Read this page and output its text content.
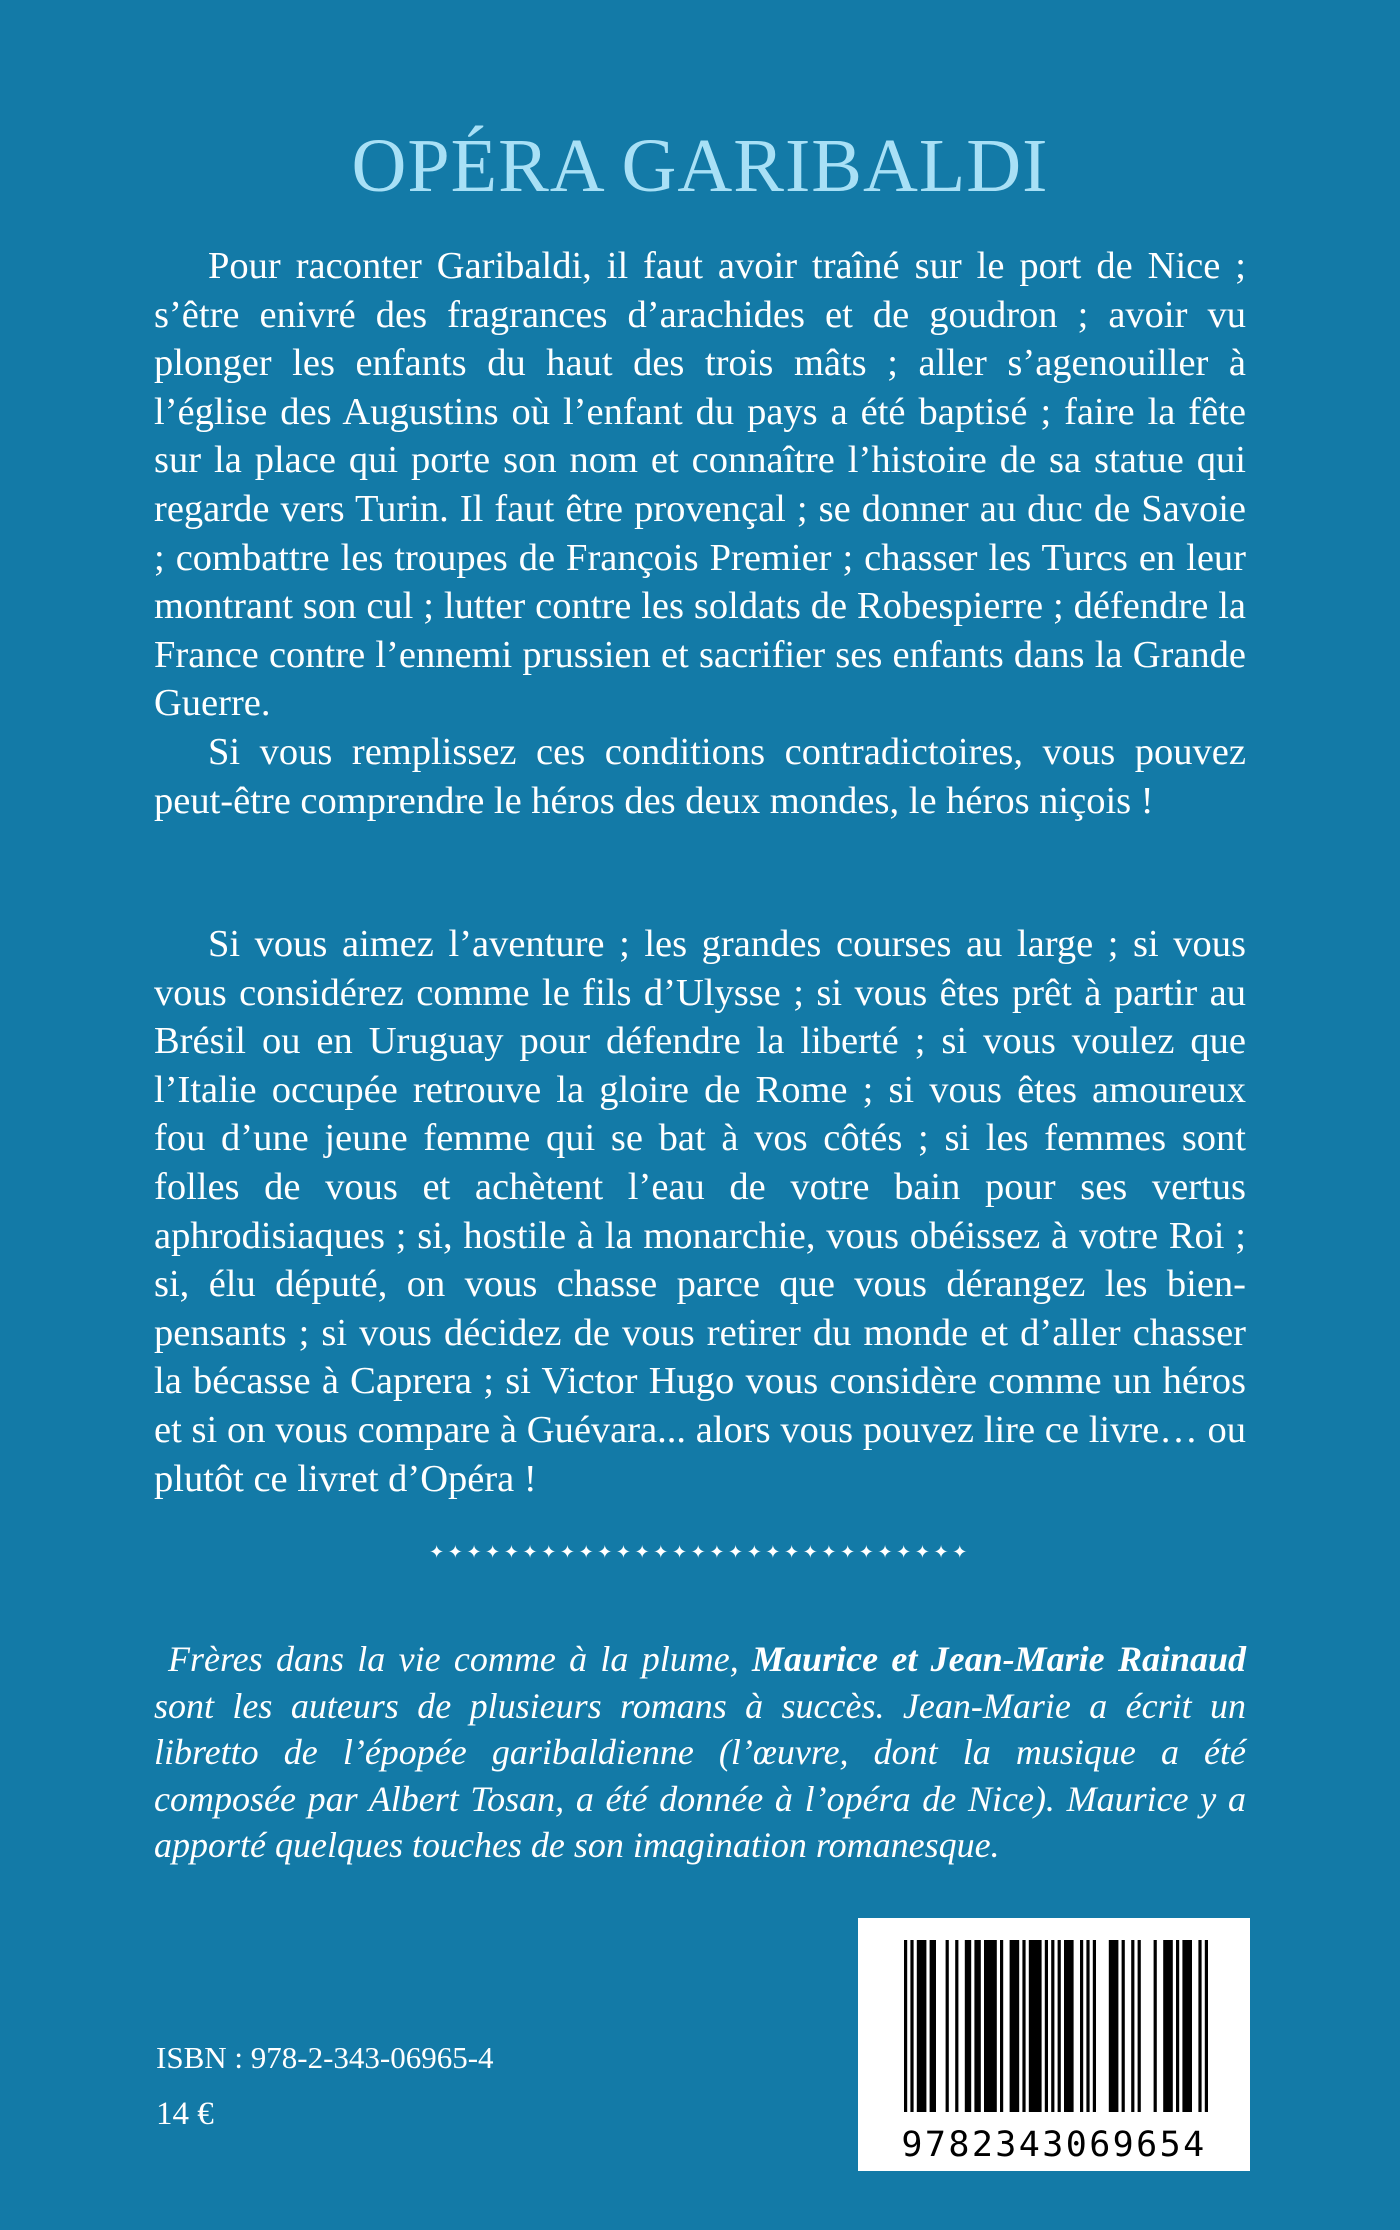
OPÉRA GARIBALDI

Pour raconter Garibaldi, il faut avoir traîné sur le port de Nice ; s’être enivré des fragrances d’arachides et de goudron ; avoir vu plonger les enfants du haut des trois mâts ; aller s’agenouiller à l’église des Augustins où l’enfant du pays a été baptisé ; faire la fête sur la place qui porte son nom et connaître l’histoire de sa statue qui regarde vers Turin. Il faut être provençal ; se donner au duc de Savoie ; combattre les troupes de François Premier ; chasser les Turcs en leur montrant son cul ; lutter contre les soldats de Robespierre ; défendre la France contre l’ennemi prussien et sacrifier ses enfants dans la Grande Guerre.

Si vous remplissez ces conditions contradictoires, vous pouvez peut-être comprendre le héros des deux mondes, le héros niçois !

Si vous aimez l’aventure ; les grandes courses au large ; si vous vous considérez comme le fils d’Ulysse ; si vous êtes prêt à partir au Brésil ou en Uruguay pour défendre la liberté ; si vous voulez que l’Italie occupée retrouve la gloire de Rome ; si vous êtes amoureux fou d’une jeune femme qui se bat à vos côtés ; si les femmes sont folles de vous et achètent l’eau de votre bain pour ses vertus aphrodisiaques ; si, hostile à la monarchie, vous obéissez à votre Roi ; si, élu député, on vous chasse parce que vous dérangez les bien-pensants ; si vous décidez de vous retirer du monde et d’aller chasser la bécasse à Caprera ; si Victor Hugo vous considère comme un héros et si on vous compare à Guévara... alors vous pouvez lire ce livre… ou plutôt ce livret d’Opéra !

✦✦✦✦✦✦✦✦✦✦✦✦✦✦✦✦✦✦✦✦✦✦✦✦✦✦✦✦✦

Frères dans la vie comme à la plume, Maurice et Jean-Marie Rainaud sont les auteurs de plusieurs romans à succès. Jean-Marie a écrit un libretto de l’épopée garibaldienne (l’œuvre, dont la musique a été composée par Albert Tosan, a été donnée à l’opéra de Nice). Maurice y a apporté quelques touches de son imagination romanesque.

ISBN : 978-2-343-06965-4
14 €
9782343069654
